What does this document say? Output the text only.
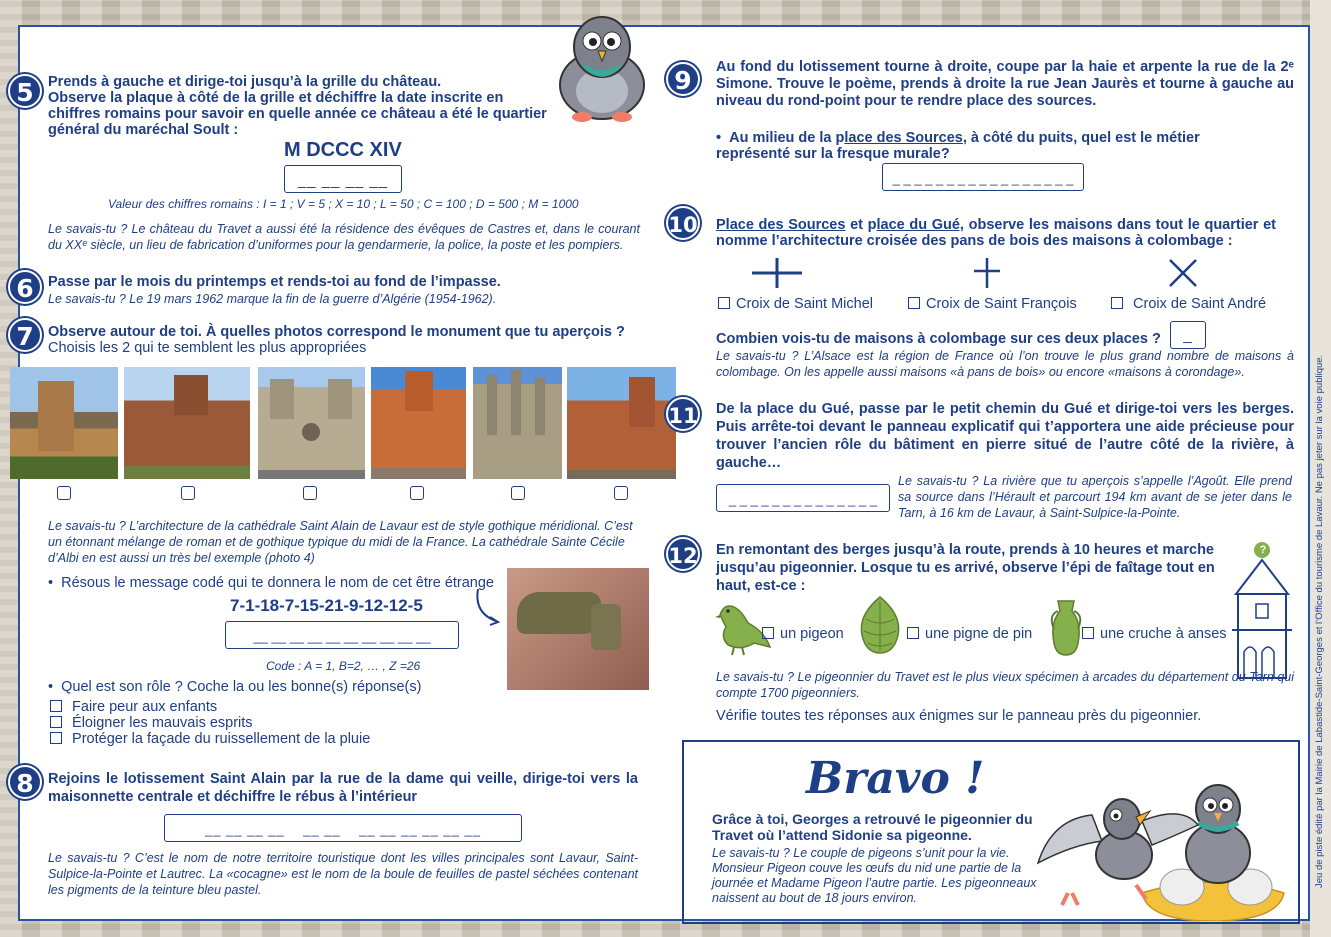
5 Prends à gauche et dirige-toi jusqu’à la grille du château.
Observe la plaque à côté de la grille et déchiffre la date inscrite en chiffres romains pour savoir en quelle année ce château a été le quartier général du maréchal Soult :
M DCCC XIV
__ __ __ __
Valeur des chiffres romains : I = 1 ; V = 5 ; X = 10 ; L = 50 ; C = 100 ; D = 500 ; M = 1000
Le savais-tu ? Le château du Travet a aussi été la résidence des évêques de Castres et, dans le courant du XXᵉ siècle, un lieu de fabrication d’uniformes pour la gendarmerie, la police, la poste et les pompiers.
6 Passe par le mois du printemps et rends-toi au fond de l’impasse.
Le savais-tu ? Le 19 mars 1962 marque la fin de la guerre d’Algérie (1954-1962).
7 Observe autour de toi. À quelles photos correspond le monument que tu aperçois ?
Choisis les 2 qui te semblent les plus appropriées
Le savais-tu ? L’architecture de la cathédrale Saint Alain de Lavaur est de style gothique méridional. C’est un étonnant mélange de roman et de gothique typique du midi de la France. La cathédrale Sainte Cécile d’Albi en est aussi un très bel exemple (photo 4)
•  Résous le message codé qui te donnera le nom de cet être étrange
7-1-18-7-15-21-9-12-12-5
__ __ __ __ __ __ __ __ __ __
Code : A = 1, B=2, … , Z =26
•  Quel est son rôle ? Coche la ou les bonne(s) réponse(s)
Faire peur aux enfants
Éloigner les mauvais esprits
Protéger la façade du ruissellement de la pluie
8 Rejoins le lotissement Saint Alain par la rue de la dame qui veille, dirige-toi vers la maisonnette centrale et déchiffre le rébus à l’intérieur
__ __ __ __    __ __    __ __ __ __ __ __
Le savais-tu ? C’est le nom de notre territoire touristique dont les villes principales sont Lavaur, Saint-Sulpice-la-Pointe et Lautrec. La «cocagne» est le nom de la boule de feuilles de pastel séchées contenant les pigments de la teinture bleu pastel.
9	Au fond du lotissement tourne à droite, coupe par la haie et arpente la rue de la 2ᵉ Simone. Trouve le poème, prends à droite la rue Jean Jaurès et tourne à gauche au niveau du rond-point pour te rendre place des sources.
•  Au milieu de la place des Sources, à côté du puits, quel est le métier représenté sur la fresque murale?
_ _ _ _ _ _ _ _ _ _ _ _ _ _ _ _ _
10 Place des Sources et place du Gué, observe les maisons dans tout le quartier et nomme l’architecture croisée des pans de bois des maisons à colombage :
Croix de Saint Michel	Croix de Saint François	Croix de Saint André
Combien vois-tu de maisons à colombage sur ces deux places ?	_
Le savais-tu ? L’Alsace est la région de France où l’on trouve le plus grand nombre de maisons à colombage. On les appelle aussi maisons «à pans de bois» ou encore «maisons à corondage».
11 De la place du Gué, passe par le petit chemin du Gué et dirige-toi vers les berges. Puis arrête-toi devant le panneau explicatif qui t’apportera une aide précieuse pour trouver l’ancien rôle du bâtiment en pierre situé de l’autre côté de la rivière, à gauche…
_ _ _ _ _ _ _ _ _ _ _ _ _ _
Le savais-tu ? La rivière que tu aperçois s’appelle l’Agoût. Elle prend sa source dans l’Hérault et parcourt 194 km avant de se jeter dans le Tarn, à 16 km de Lavaur, à Saint-Sulpice-la-Pointe.
12 En remontant des berges jusqu’à la route, prends à 10 heures et marche jusqu’au pigeonnier. Losque tu es arrivé, observe l’épi de faîtage tout en haut, est-ce :
un pigeon	une pigne de pin	une cruche à anses
?
Le savais-tu ? Le pigeonnier du Travet est le plus vieux spécimen à arcades du département du Tarn qui compte 1700 pigeonniers.
Vérifie toutes tes réponses aux énigmes sur le panneau près du pigeonnier.
Bravo !
Grâce à toi, Georges a retrouvé le pigeonnier du Travet où l’attend Sidonie sa pigeonne.
Le savais-tu ? Le couple de pigeons s’unit pour la vie. Monsieur Pigeon couve les œufs du nid une partie de la journée et Madame Pigeon l’autre partie. Les pigeonneaux naissent au bout de 18 jours environ.
Jeu de piste édité par la Mairie de Labastide-Saint-Georges et l’Office du tourisme de Lavaur. Ne pas jeter sur la voie publique.
